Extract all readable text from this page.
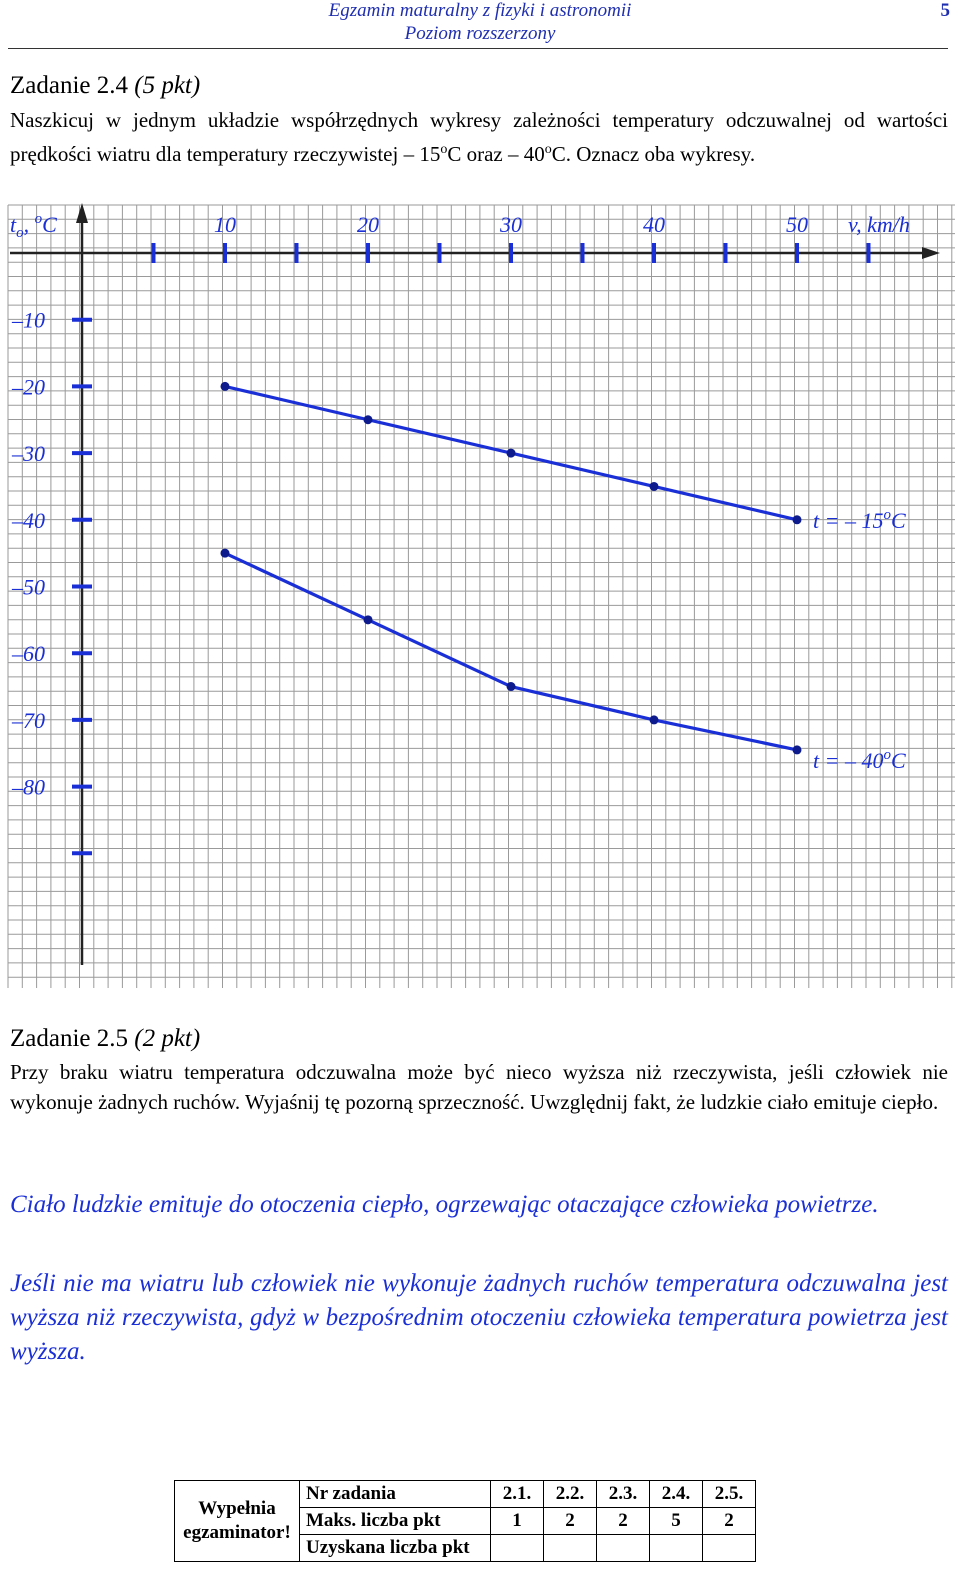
Egzamin maturalny z fizyki i astronomii
Poziom rozszerzony
5
Zadanie 2.4 (5 pkt)
Naszkicuj w jednym układzie współrzędnych wykresy zależności temperatury odczuwalnej od wartości prędkości wiatru dla temperatury rzeczywistej – 15$^o$C oraz – 40$^o$C. Oznacz oba wykresy.
10	20	30	40	50
–10
–20
–30
–40
–50
–60
–70
–80
t = – 15$^o$C
t = – 40$^o$C
$t_o$, $^o$C	v, km/h
Zadanie 2.5 (2 pkt)
Przy braku wiatru temperatura odczuwalna może być nieco wyższa niż rzeczywista, jeśli człowiek nie wykonuje żadnych ruchów. Wyjaśnij tę pozorną sprzeczność. Uwzględnij fakt, że ludzkie ciało emituje ciepło.
Ciało ludzkie emituje do otoczenia ciepło, ogrzewając otaczające człowieka powietrze.
Jeśli nie ma wiatru lub człowiek nie wykonuje żadnych ruchów temperatura odczuwalna jest wyższa niż rzeczywista, gdyż w bezpośrednim otoczeniu człowieka temperatura powietrza jest wyższa.
Wypełnia
egzaminator!	Nr zadania	2.1.	2.2.	2.3.	2.4.	2.5.
	Maks. liczba pkt	1	2	2	5	2
	Uzyskana liczba pkt					
